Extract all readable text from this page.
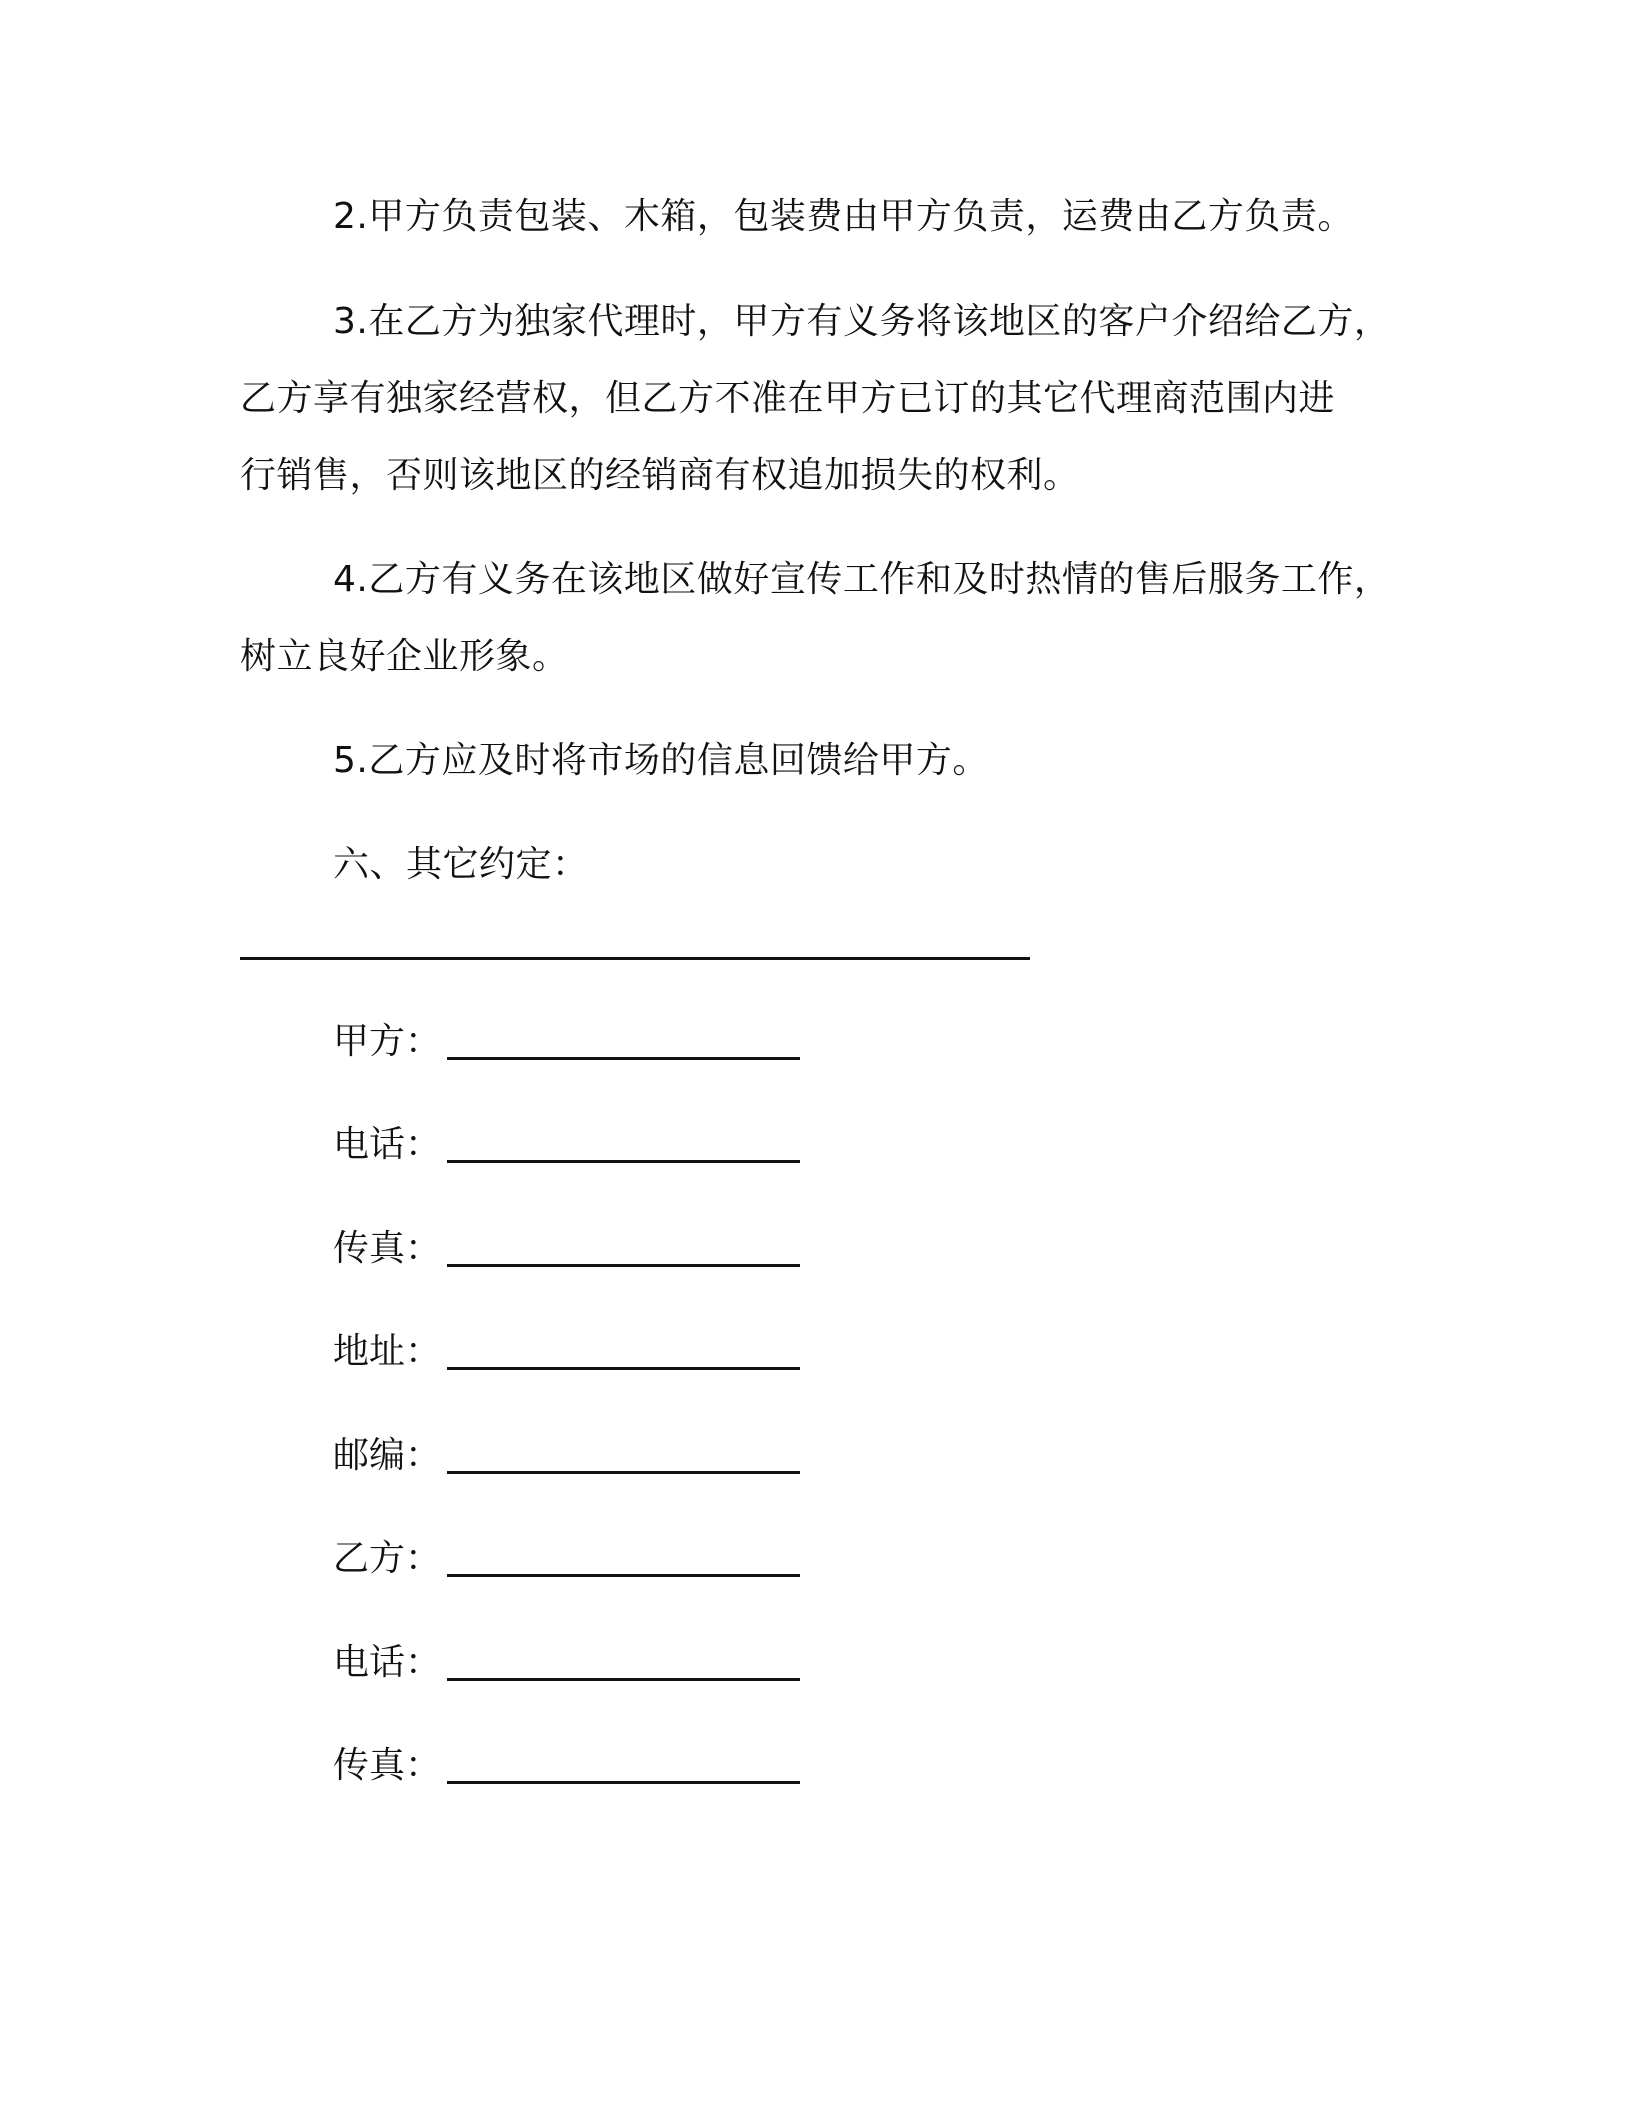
2.甲方负责包装、木箱，包装费由甲方负责，运费由乙方负责。
3.在乙方为独家代理时，甲方有义务将该地区的客户介绍给乙方，
乙方享有独家经营权，但乙方不准在甲方已订的其它代理商范围内进
行销售，否则该地区的经销商有权追加损失的权利。
4.乙方有义务在该地区做好宣传工作和及时热情的售后服务工作，
树立良好企业形象。
5.乙方应及时将市场的信息回馈给甲方。
六、其它约定：
甲方：
电话：
传真：
地址：
邮编：
乙方：
电话：
传真：
